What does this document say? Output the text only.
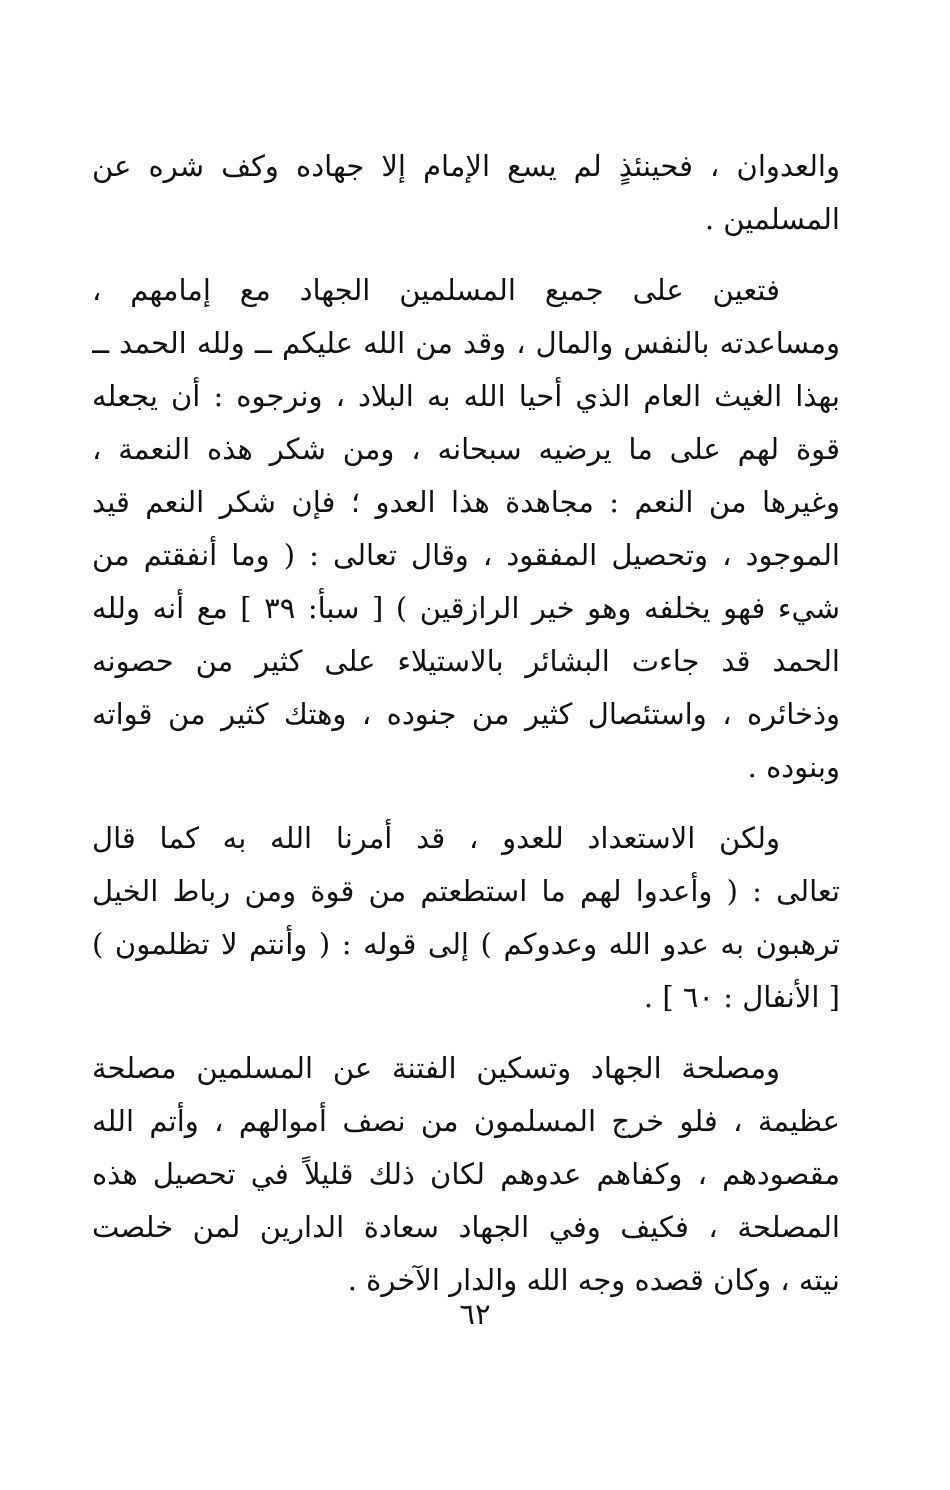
والعدوان ، فحينئذٍ لم يسع الإمام إلا جهاده وكف شره عن
المسلمين .
فتعين على جميع المسلمين الجهاد مع إمامهم ،
ومساعدته بالنفس والمال ، وقد من الله عليكم ــ ولله الحمد ــ
بهذا الغيث العام الذي أحيا الله به البلاد ، ونرجوه : أن يجعله
قوة لهم على ما يرضيه سبحانه ، ومن شكر هذه النعمة ،
وغيرها من النعم : مجاهدة هذا العدو ؛ فإن شكر النعم قيد
الموجود ، وتحصيل المفقود ، وقال تعالى : ( وما أنفقتم من
شيء فهو يخلفه وهو خير الرازقين ) [ سبأ: ٣٩ ] مع أنه ولله
الحمد قد جاءت البشائر بالاستيلاء على كثير من حصونه
وذخائره ، واستئصال كثير من جنوده ، وهتك كثير من قواته
وبنوده .
ولكن الاستعداد للعدو ، قد أمرنا الله به كما قال
تعالى : ( وأعدوا لهم ما استطعتم من قوة ومن رباط الخيل
ترهبون به عدو الله وعدوكم ) إلى قوله : ( وأنتم لا تظلمون )
[ الأنفال : ٦٠ ] .
ومصلحة الجهاد وتسكين الفتنة عن المسلمين مصلحة
عظيمة ، فلو خرج المسلمون من نصف أموالهم ، وأتم الله
مقصودهم ، وكفاهم عدوهم لكان ذلك قليلاً في تحصيل هذه
المصلحة ، فكيف وفي الجهاد سعادة الدارين لمن خلصت
نيته ، وكان قصده وجه الله والدار الآخرة .
٦٢
